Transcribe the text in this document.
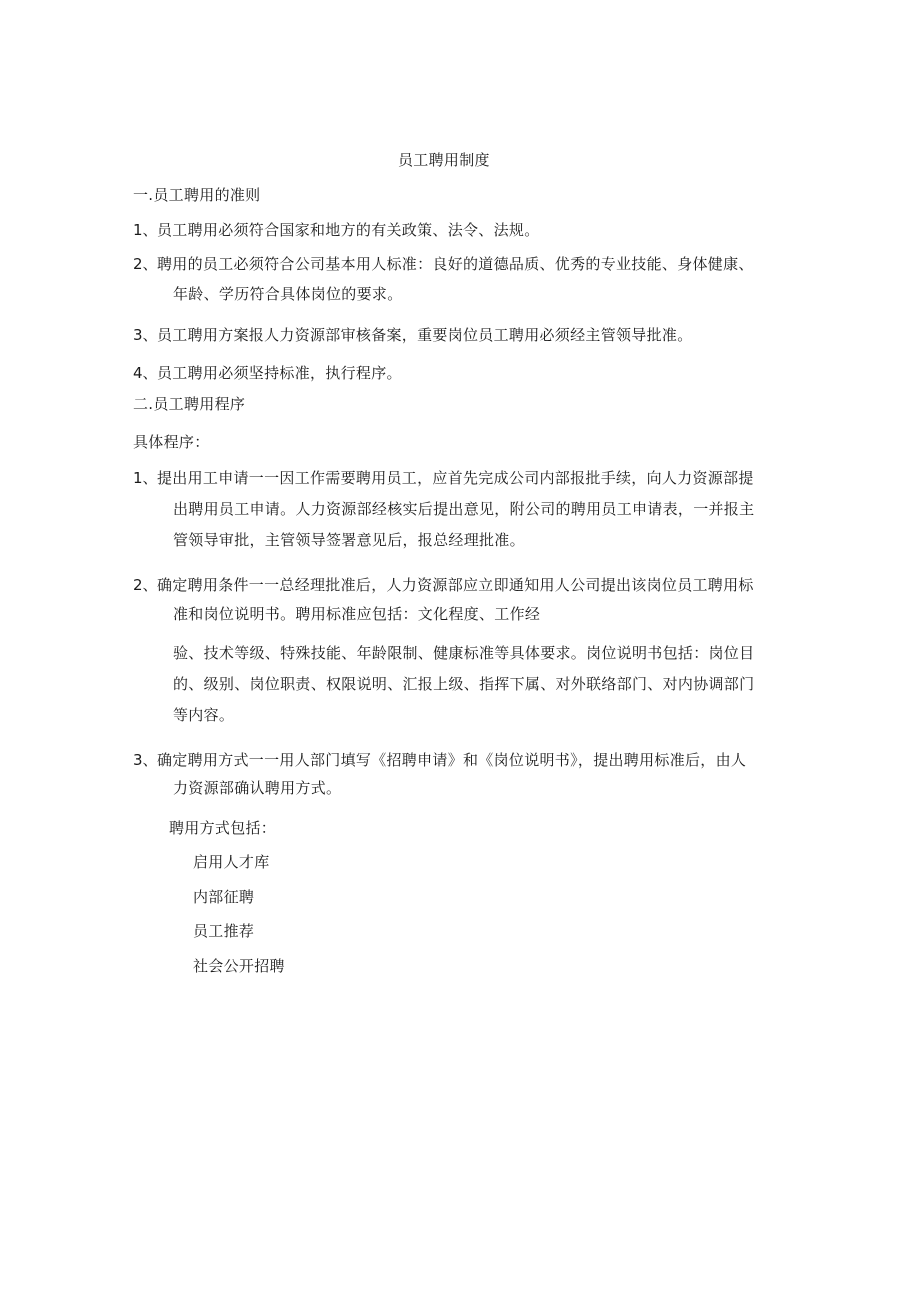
员工聘用制度
一.员工聘用的准则
1、 员工聘用必须符合国家和地方的有关政策、法令、法规。
2、 聘用的员工必须符合公司基本用人标准：良好的道德品质、优秀的专业技能、身体健康、
年龄、学历符合具体岗位的要求。
3、 员工聘用方案报人力资源部审核备案，重要岗位员工聘用必须经主管领导批准。
4、 员工聘用必须坚持标准，执行程序。
二.员工聘用程序
具体程序：
1、 提出用工申请一一因工作需要聘用员工，应首先完成公司内部报批手续，向人力资源部提
出聘用员工申请。人力资源部经核实后提出意见，附公司的聘用员工申请表，一并报主
管领导审批，主管领导签署意见后，报总经理批准。
2、 确定聘用条件一一总经理批准后，人力资源部应立即通知用人公司提出该岗位员工聘用标
准和岗位说明书。聘用标准应包括：文化程度、工作经
验、技术等级、特殊技能、年龄限制、健康标准等具体要求。岗位说明书包括：岗位目
的、级别、岗位职责、权限说明、汇报上级、指挥下属、对外联络部门、对内协调部门
等内容。
3、 确定聘用方式一一用人部门填写《招聘申请》和《岗位说明书》，提出聘用标准后，由人
力资源部确认聘用方式。
聘用方式包括：
启用人才库
内部征聘
员工推荐
社会公开招聘
